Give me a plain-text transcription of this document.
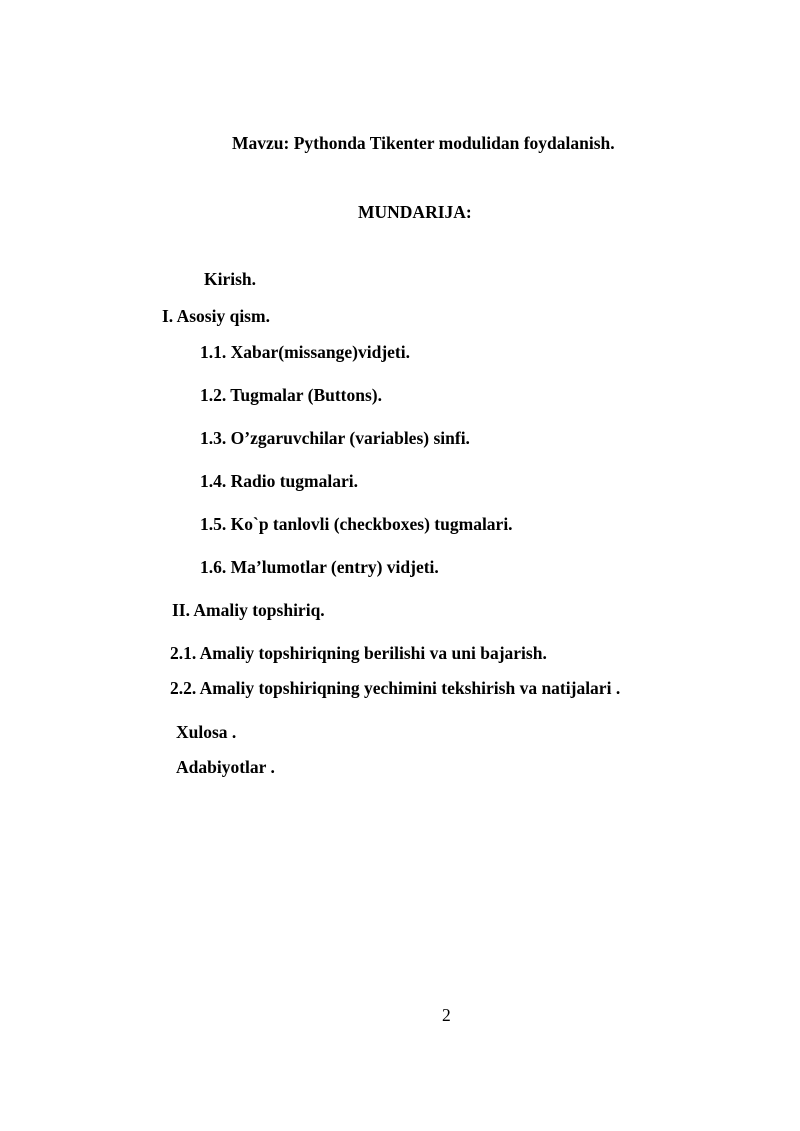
Mavzu: Pythonda Tikenter modulidan foydalanish.
MUNDARIJA:
Kirish.
I. Asosiy qism.
1.1. Xabar(missange)vidjeti.
1.2. Tugmalar (Buttons).
1.3. O’zgaruvchilar (variables) sinfi.
1.4. Radio tugmalari.
1.5. Ko`p tanlovli (checkboxes) tugmalari.
1.6. Ma’lumotlar (entry) vidjeti.
II. Amaliy topshiriq.
2.1. Amaliy topshiriqning berilishi va uni bajarish.
2.2. Amaliy topshiriqning yechimini tekshirish va natijalari .
Xulosa .
Adabiyotlar .
2
